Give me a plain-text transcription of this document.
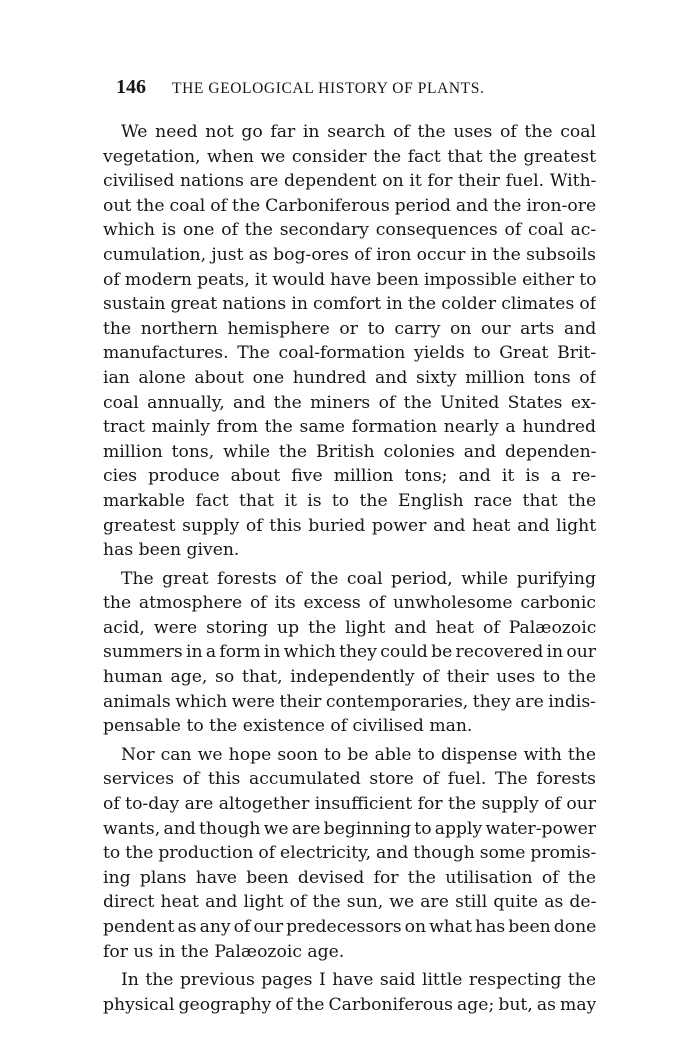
146	THE GEOLOGICAL HISTORY OF PLANTS.

We need not go far in search of the uses of the coal
vegetation, when we consider the fact that the greatest
civilised nations are dependent on it for their fuel. With-
out the coal of the Carboniferous period and the iron-ore
which is one of the secondary consequences of coal ac-
cumulation, just as bog-ores of iron occur in the subsoils
of modern peats, it would have been impossible either to
sustain great nations in comfort in the colder climates of
the northern hemisphere or to carry on our arts and
manufactures. The coal-formation yields to Great Brit-
ian alone about one hundred and sixty million tons of
coal annually, and the miners of the United States ex-
tract mainly from the same formation nearly a hundred
million tons, while the British colonies and dependen-
cies produce about five million tons; and it is a re-
markable fact that it is to the English race that the
greatest supply of this buried power and heat and light
has been given.

The great forests of the coal period, while purifying
the atmosphere of its excess of unwholesome carbonic
acid, were storing up the light and heat of Palæozoic
summers in a form in which they could be recovered in our
human age, so that, independently of their uses to the
animals which were their contemporaries, they are indis-
pensable to the existence of civilised man.

Nor can we hope soon to be able to dispense with the
services of this accumulated store of fuel. The forests
of to-day are altogether insufficient for the supply of our
wants, and though we are beginning to apply water-power
to the production of electricity, and though some promis-
ing plans have been devised for the utilisation of the
direct heat and light of the sun, we are still quite as de-
pendent as any of our predecessors on what has been done
for us in the Palæozoic age.

In the previous pages I have said little respecting the
physical geography of the Carboniferous age; but, as may
